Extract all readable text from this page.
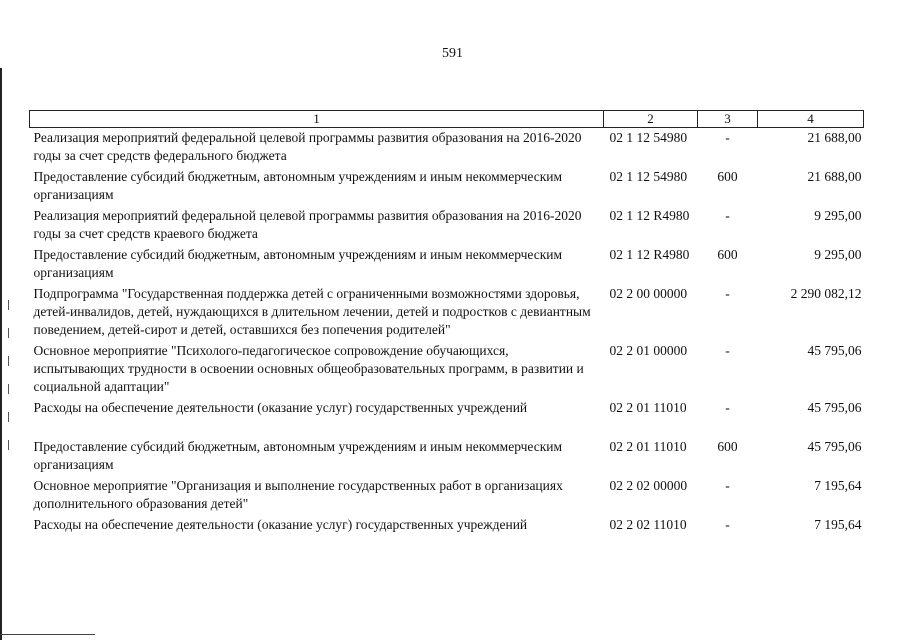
591
1	2	3	4
Реализация мероприятий федеральной целевой программы развития образования на 2016-2020 годы за счет средств федерального бюджета	02 1 12 54980	-	21 688,00
Предоставление субсидий бюджетным, автономным учреждениям и иным некоммерческим организациям	02 1 12 54980	600	21 688,00
Реализация мероприятий федеральной целевой программы развития образования на 2016-2020 годы за счет средств краевого бюджета	02 1 12 R4980	-	9 295,00
Предоставление субсидий бюджетным, автономным учреждениям и иным некоммерческим организациям	02 1 12 R4980	600	9 295,00
Подпрограмма "Государственная поддержка детей с ограниченными возможностями здоровья, детей-инвалидов, детей, нуждающихся в длительном лечении, детей и подростков с девиантным поведением, детей-сирот и детей, оставшихся без попечения родителей"	02 2 00 00000	-	2 290 082,12
Основное мероприятие "Психолого-педагогическое сопровождение обучающихся, испытывающих трудности в освоении основных общеобразовательных программ, в развитии и социальной адаптации"	02 2 01 00000	-	45 795,06
Расходы на обеспечение деятельности (оказание услуг) государственных учреждений	02 2 01 11010	-	45 795,06
Предоставление субсидий бюджетным, автономным учреждениям и иным некоммерческим организациям	02 2 01 11010	600	45 795,06
Основное мероприятие "Организация и выполнение государственных работ в организациях дополнительного образования детей"	02 2 02 00000	-	7 195,64
Расходы на обеспечение деятельности (оказание услуг) государственных учреждений	02 2 02 11010	-	7 195,64
